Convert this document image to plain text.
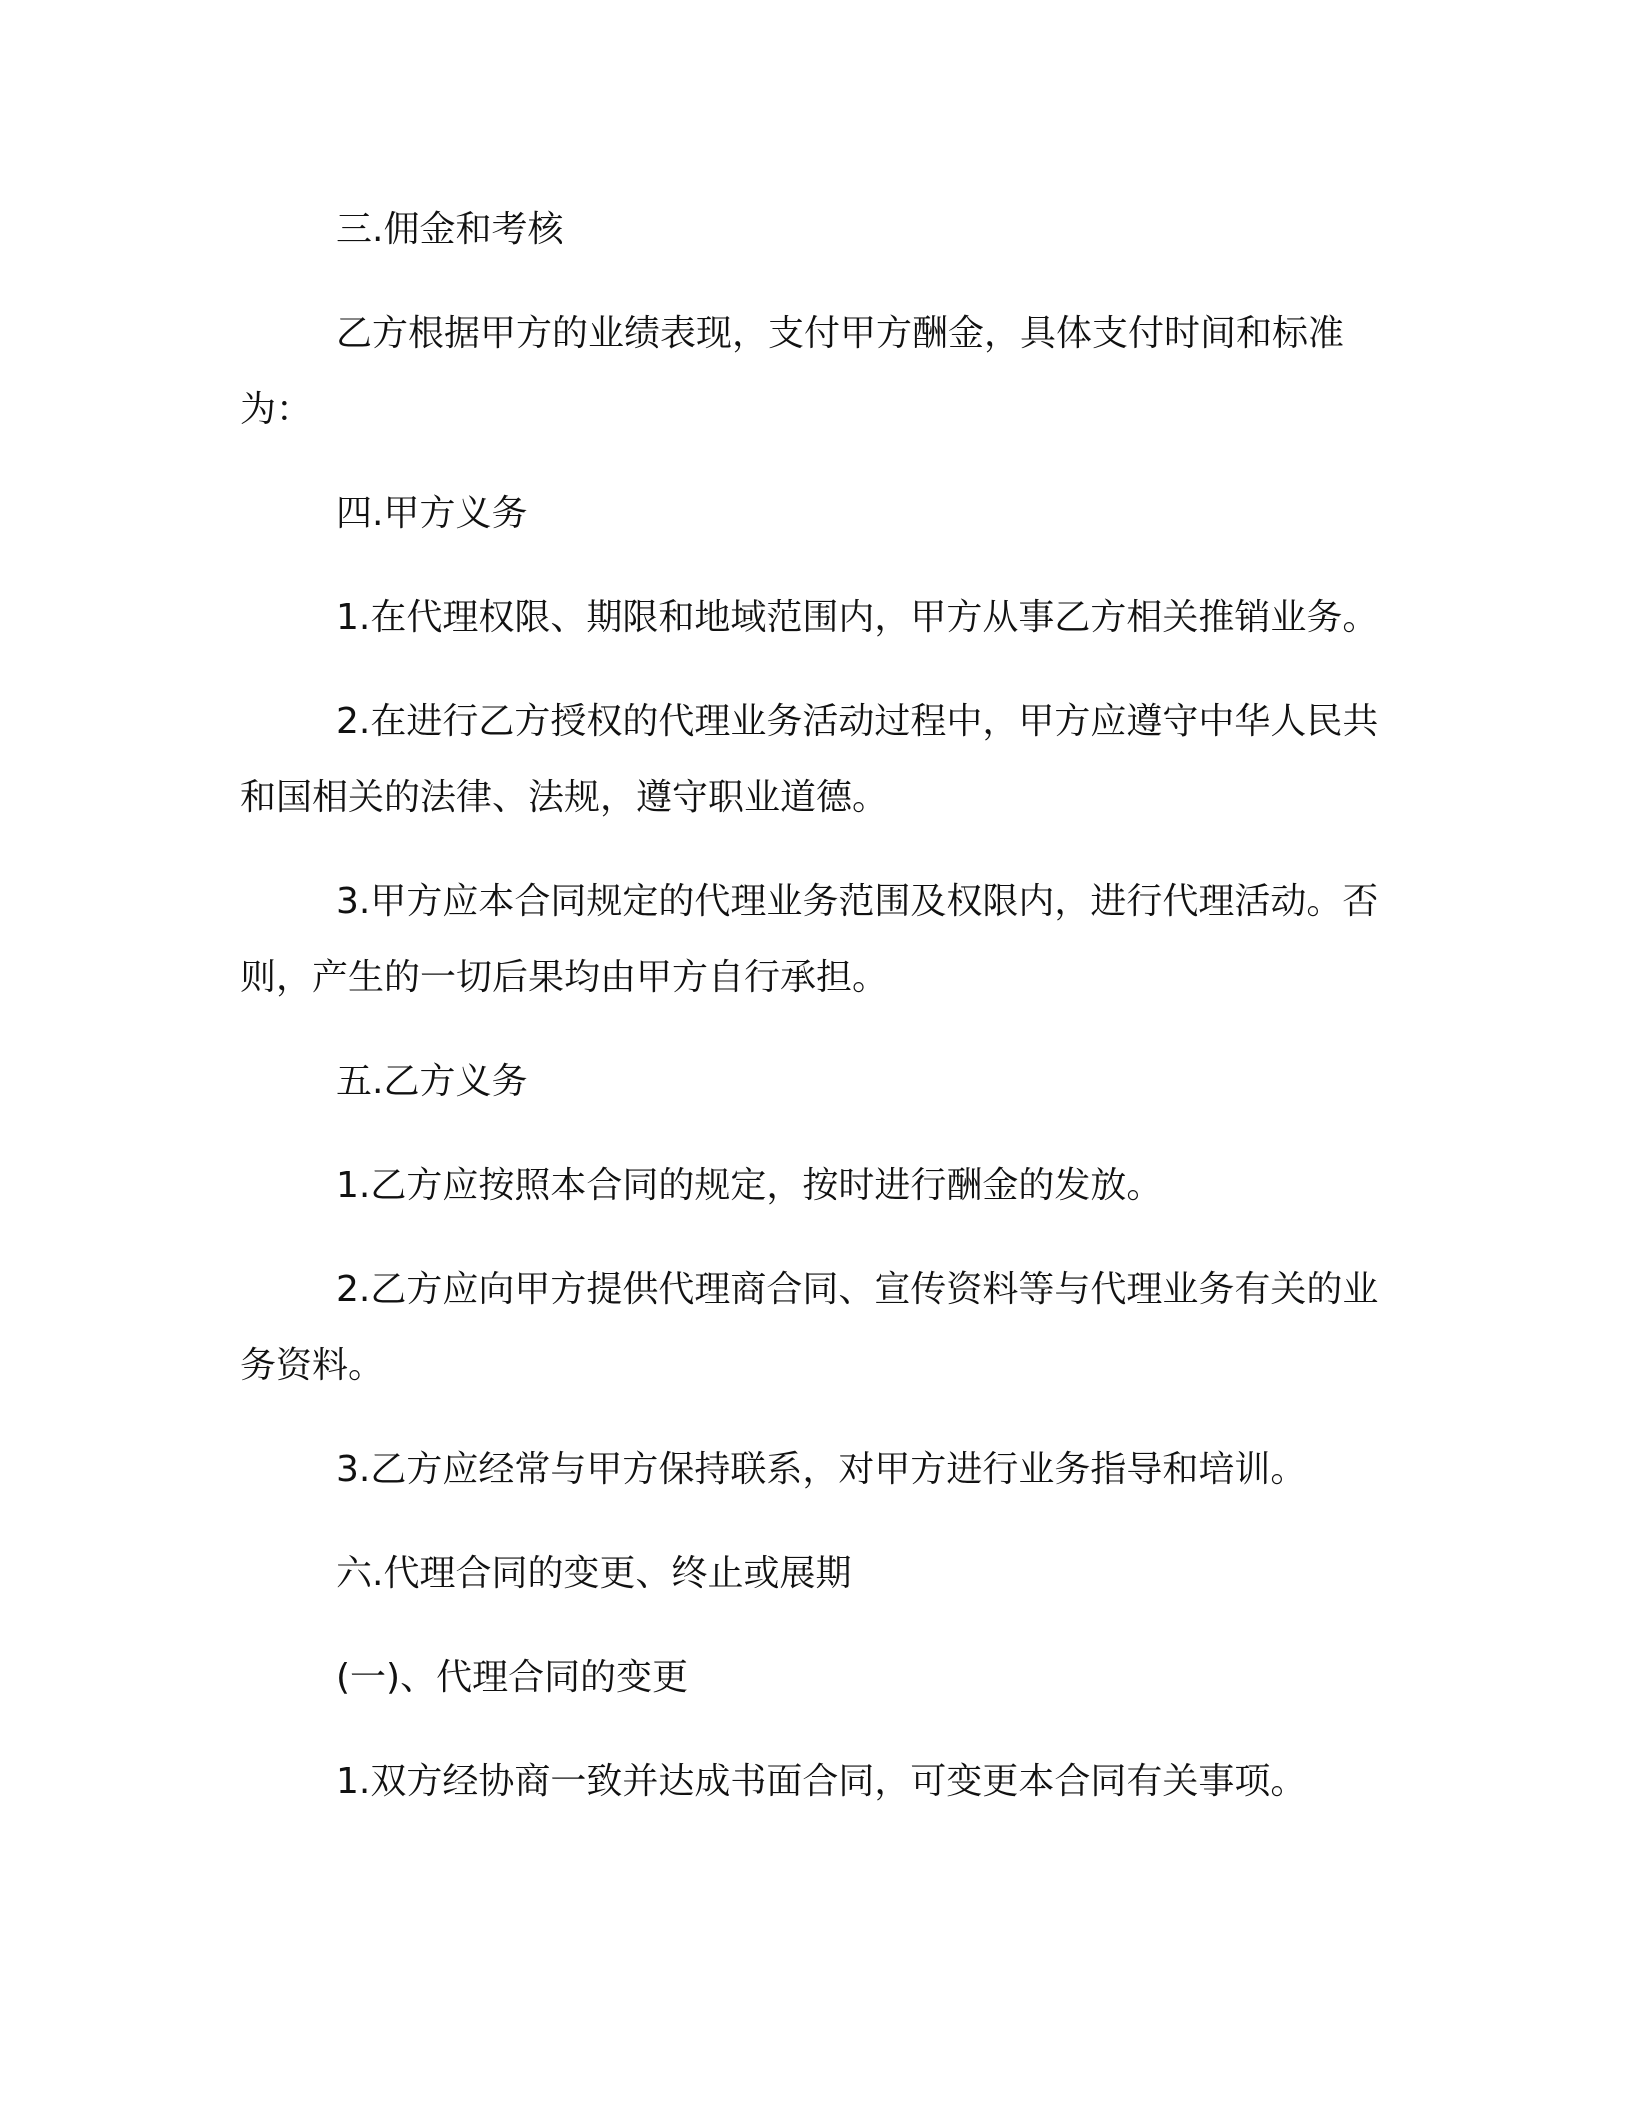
三.佣金和考核

乙方根据甲方的业绩表现，支付甲方酬金，具体支付时间和标准为：

四.甲方义务

1.在代理权限、期限和地域范围内，甲方从事乙方相关推销业务。

2.在进行乙方授权的代理业务活动过程中，甲方应遵守中华人民共和国相关的法律、法规，遵守职业道德。

3.甲方应本合同规定的代理业务范围及权限内，进行代理活动。否则，产生的一切后果均由甲方自行承担。

五.乙方义务

1.乙方应按照本合同的规定，按时进行酬金的发放。

2.乙方应向甲方提供代理商合同、宣传资料等与代理业务有关的业务资料。

3.乙方应经常与甲方保持联系，对甲方进行业务指导和培训。

六.代理合同的变更、终止或展期

(一)、代理合同的变更

1.双方经协商一致并达成书面合同，可变更本合同有关事项。
